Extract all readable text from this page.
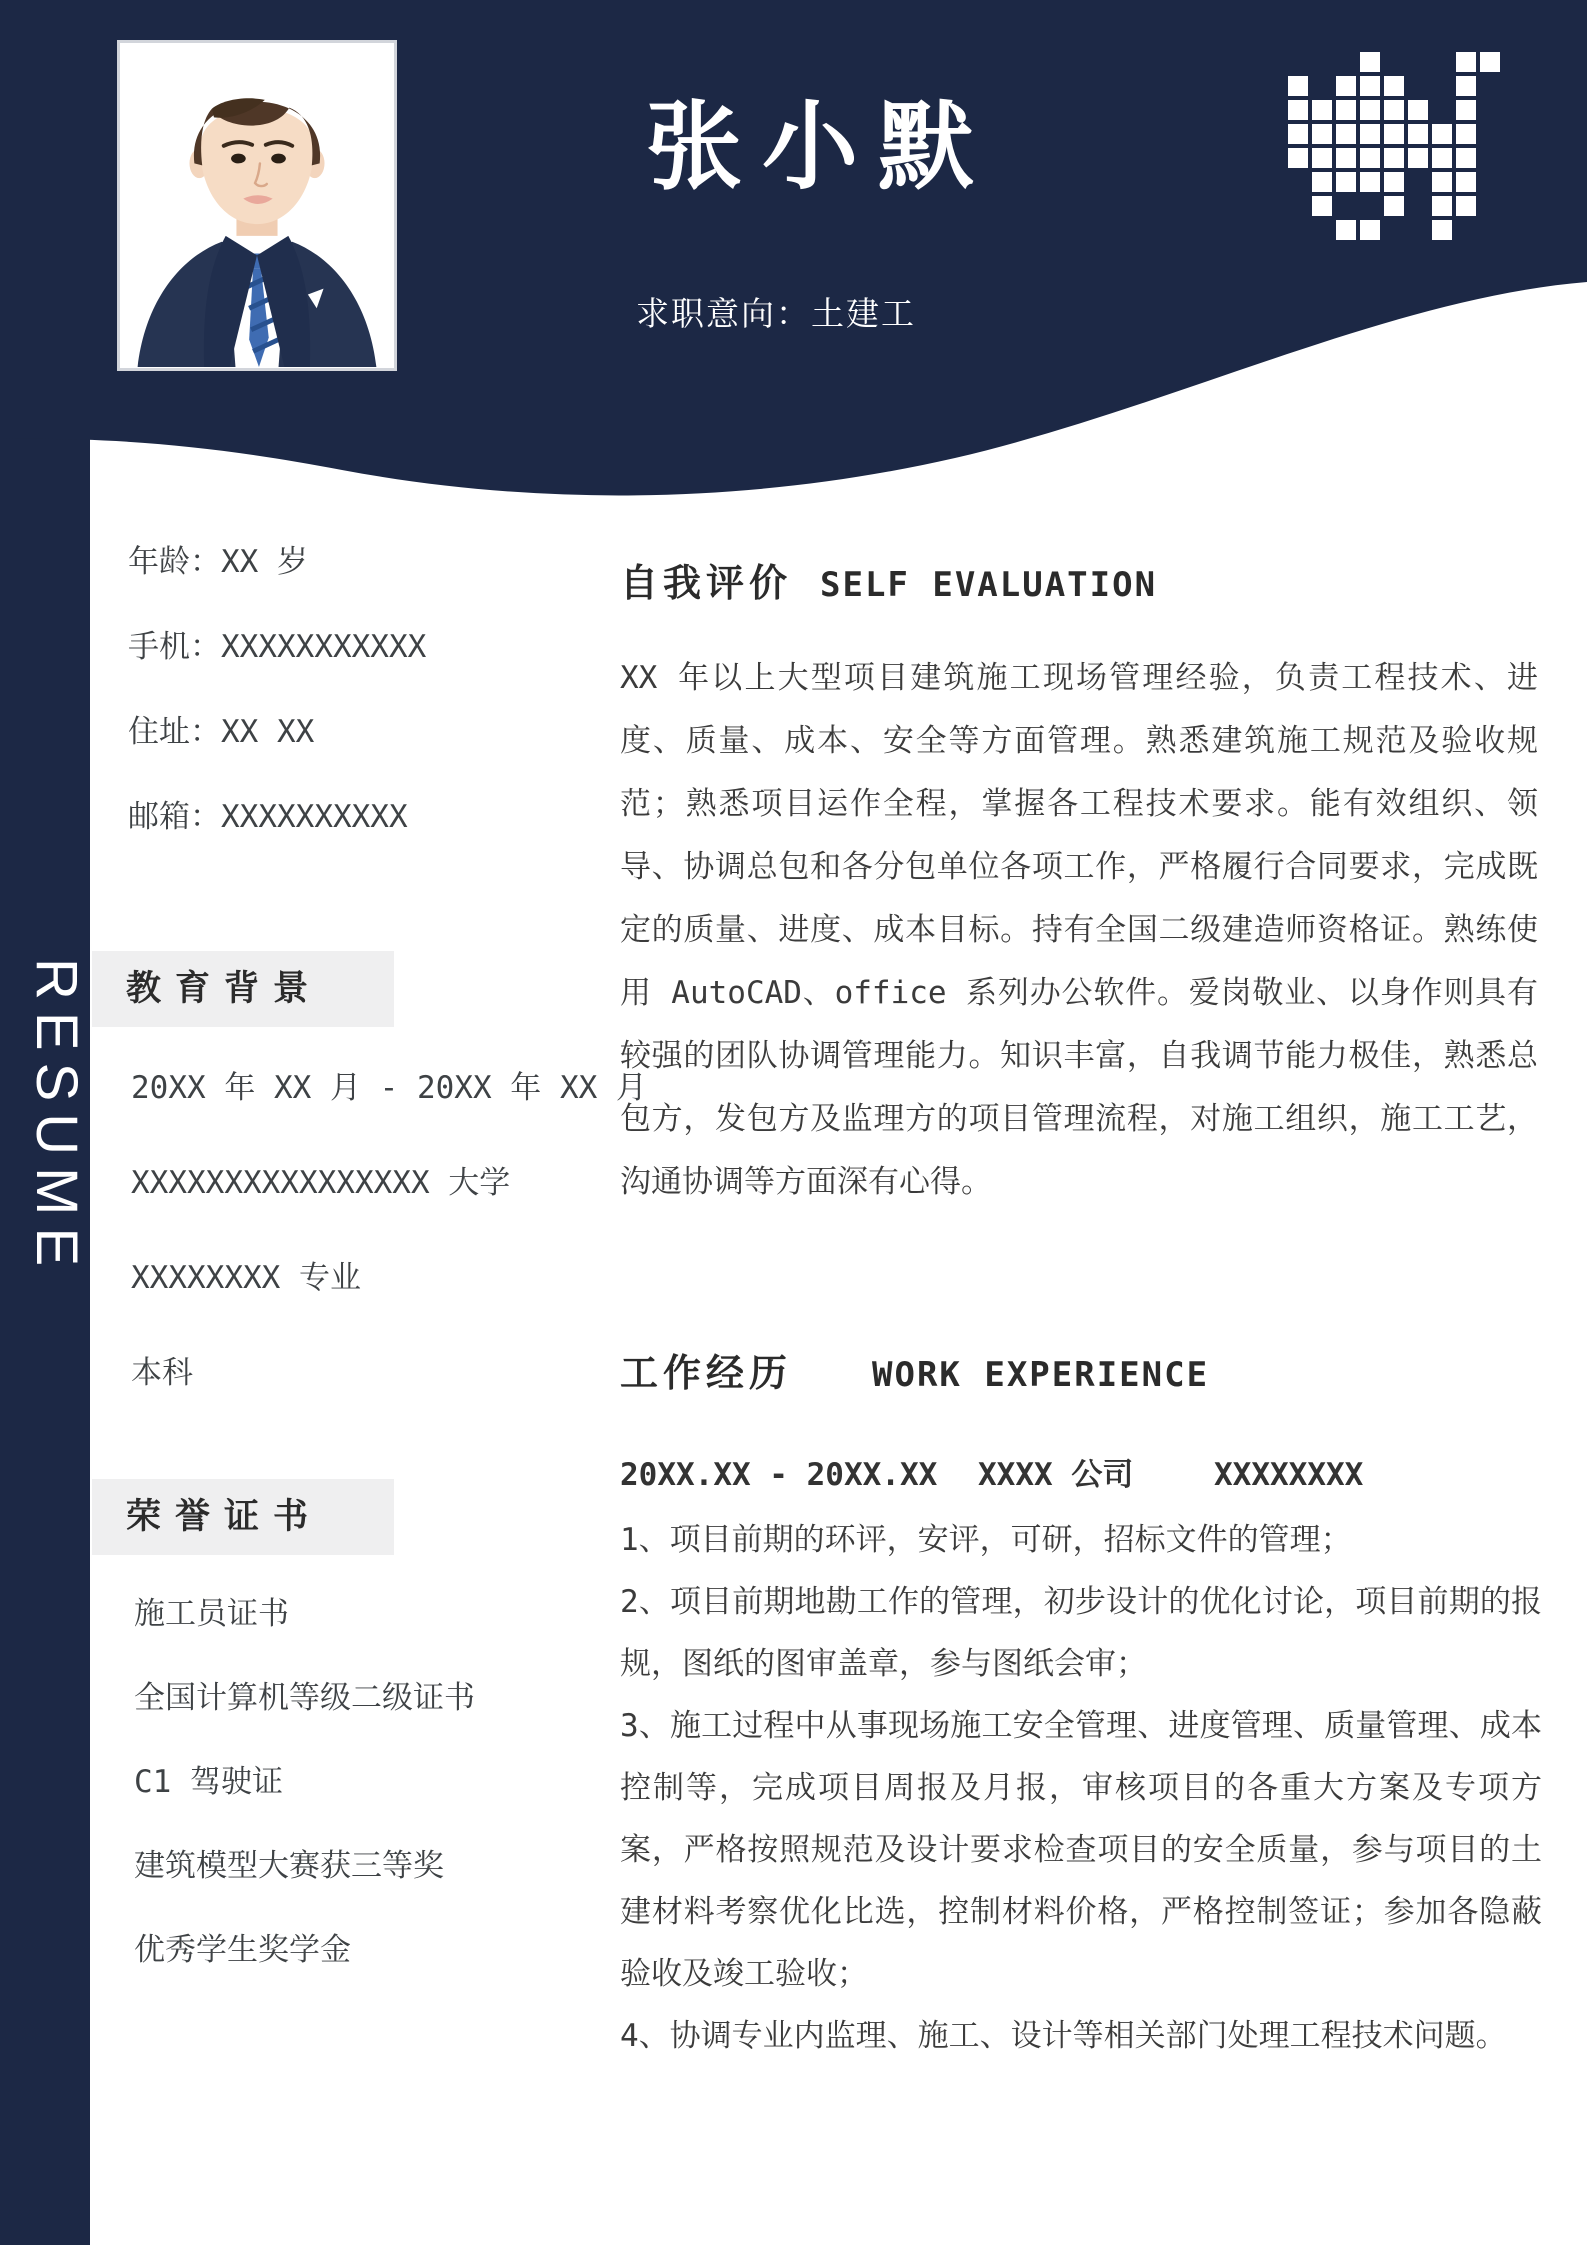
张小默
求职意向：土建工
RESUME
年龄：XX 岁
手机：XXXXXXXXXXX
住址：XX XX
邮箱：XXXXXXXXXX
教育背景
20XX 年 XX 月 - 20XX 年 XX 月
XXXXXXXXXXXXXXXX 大学
XXXXXXXX 专业
本科
荣誉证书
施工员证书
全国计算机等级二级证书
C1 驾驶证
建筑模型大赛获三等奖
优秀学生奖学金
自我评价 SELF EVALUATION
XX 年以上大型项目建筑施工现场管理经验，负责工程技术、进度、质量、成本、安全等方面管理。熟悉建筑施工规范及验收规范；熟悉项目运作全程，掌握各工程技术要求。能有效组织、领导、协调总包和各分包单位各项工作，严格履行合同要求，完成既定的质量、进度、成本目标。持有全国二级建造师资格证。熟练使用 AutoCAD、office 系列办公软件。爱岗敬业、以身作则具有较强的团队协调管理能力。知识丰富，自我调节能力极佳，熟悉总包方，发包方及监理方的项目管理流程，对施工组织，施工工艺，沟通协调等方面深有心得。
工作经历 WORK EXPERIENCE
20XX.XX - 20XX.XX XXXX 公司	XXXXXXXX

1、项目前期的环评，安评，可研，招标文件的管理；

2、项目前期地勘工作的管理，初步设计的优化讨论，项目前期的报规，图纸的图审盖章，参与图纸会审；

3、施工过程中从事现场施工安全管理、进度管理、质量管理、成本控制等，完成项目周报及月报，审核项目的各重大方案及专项方案，严格按照规范及设计要求检查项目的安全质量，参与项目的土建材料考察优化比选，控制材料价格，严格控制签证；参加各隐蔽验收及竣工验收；

4、协调专业内监理、施工、设计等相关部门处理工程技术问题。
